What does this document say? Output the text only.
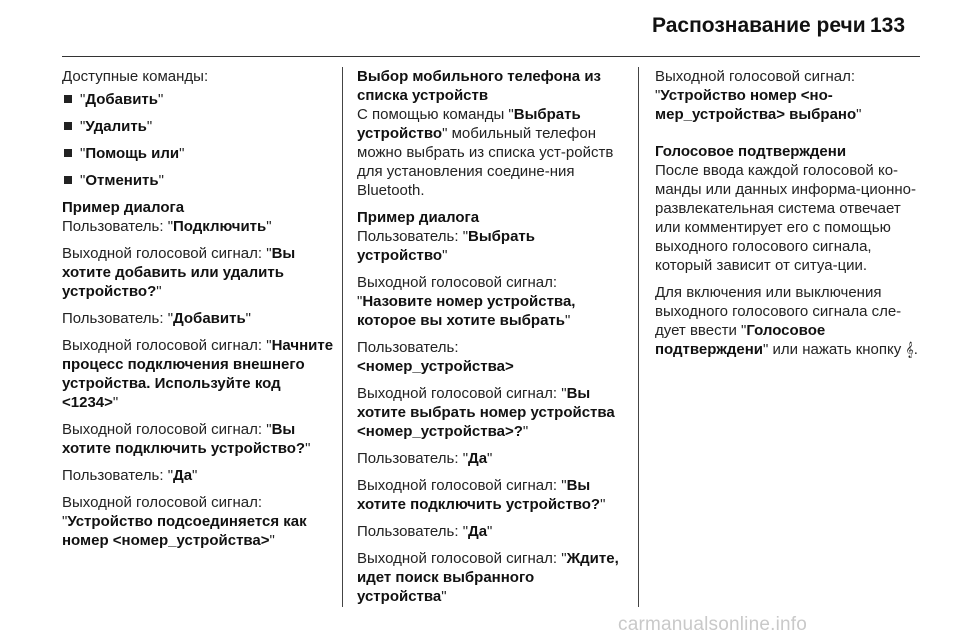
Распознавание речи 133

Доступные команды:

"Добавить"
"Удалить"
"Помощь или"
"Отменить"
Пример диалога

Пользователь: "Подключить"

Выходной голосовой сигнал: "Вы хотите добавить или удалить устройство?"

Пользователь: "Добавить"

Выходной голосовой сигнал: "Начните процесс подключения внешнего устройства. Используйте код <1234>"

Выходной голосовой сигнал: "Вы хотите подключить устройство?"

Пользователь: "Да"

Выходной голосовой сигнал: "Устройство подсоединяется как номер <номер_устройства>"

Выбор мобильного телефона из списка устройств

С помощью команды "Выбрать устройство" мобильный телефон можно выбрать из списка уст-ройств для установления соедине-ния Bluetooth.

Пример диалога

Пользователь: "Выбрать устройство"

Выходной голосовой сигнал: "Назовите номер устройства, которое вы хотите выбрать"

Пользователь:
<номер_устройства>

Выходной голосовой сигнал: "Вы хотите выбрать номер устройства <номер_устройства>?"

Пользователь: "Да"

Выходной голосовой сигнал: "Вы хотите подключить устройство?"

Пользователь: "Да"

Выходной голосовой сигнал: "Ждите, идет поиск выбранного устройства"

Выходной голосовой сигнал: "Устройство номер <но-мер_устройства> выбрано"

Голосовое подтверждени

После ввода каждой голосовой ко-манды или данных информа-ционно-развлекательная система отвечает или комментирует его с помощью выходного голосового сигнала, который зависит от ситуа-ции.

Для включения или выключения выходного голосового сигнала сле-дует ввести "Голосовое подтверждени" или нажать кнопку 𝄞.

carmanualsonline.info
